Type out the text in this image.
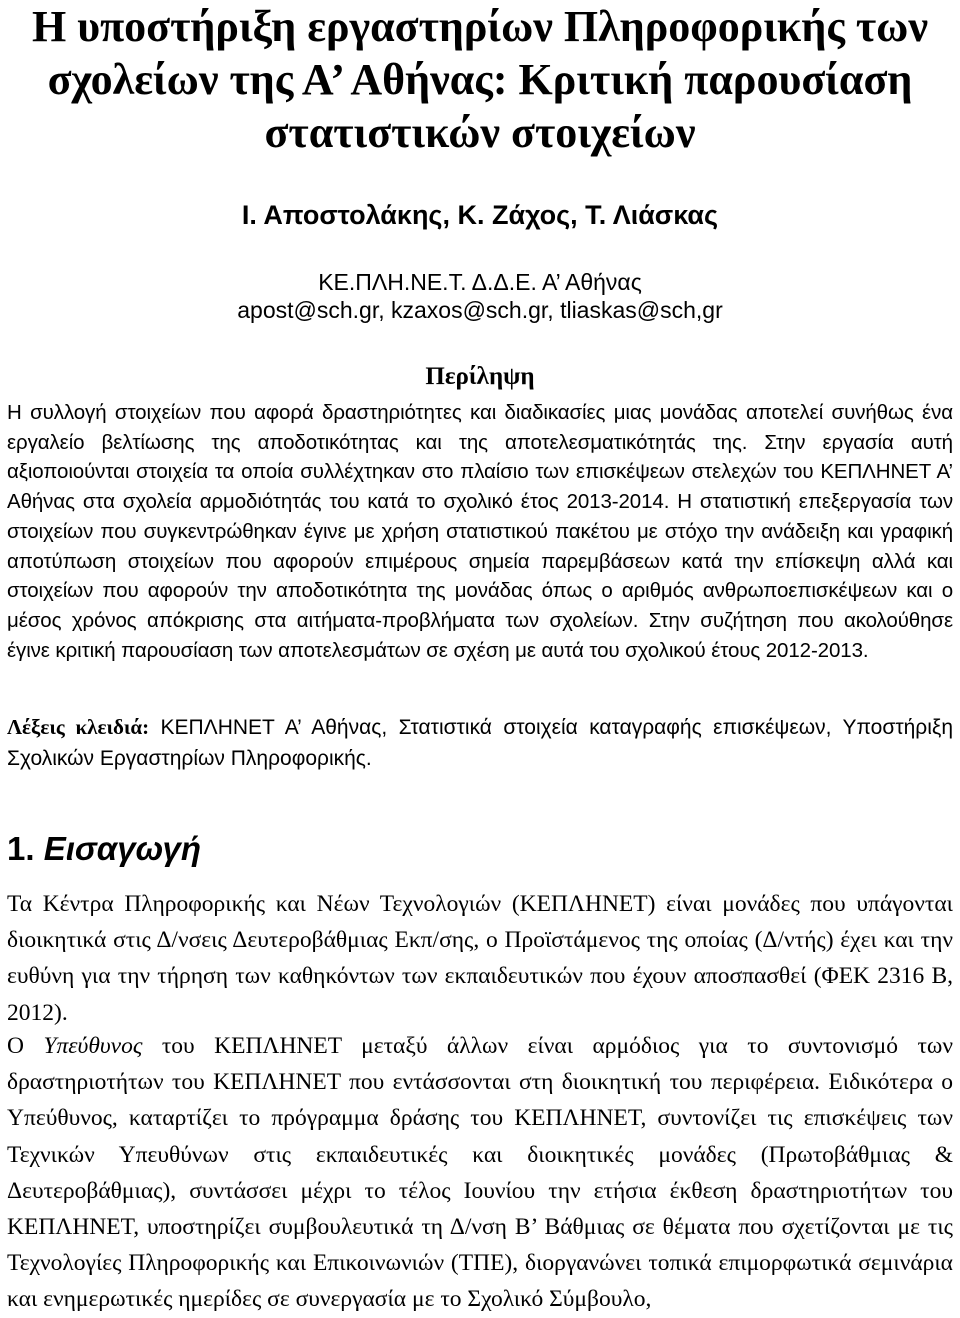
Η υποστήριξη εργαστηρίων Πληροφορικής των σχολείων της Α’ Αθήνας: Κριτική παρουσίαση στατιστικών στοιχείων

Ι. Αποστολάκης, Κ. Ζάχος, Τ. Λιάσκας

ΚΕ.ΠΛΗ.ΝΕ.Τ. Δ.Δ.Ε. Α’ Αθήνας
apost@sch.gr, kzaxos@sch.gr, tliaskas@sch,gr

Περίληψη

Η συλλογή στοιχείων που αφορά δραστηριότητες και διαδικασίες μιας μονάδας αποτελεί συνήθως ένα εργαλείο βελτίωσης της αποδοτικότητας και της αποτελεσματικότητάς της. Στην εργασία αυτή αξιοποιούνται στοιχεία τα οποία συλλέχτηκαν στο πλαίσιο των επισκέψεων στελεχών του ΚΕΠΛΗΝΕΤ Α’ Αθήνας στα σχολεία αρμοδιότητάς του κατά το σχολικό έτος 2013-2014. Η στατιστική επεξεργασία των στοιχείων που συγκεντρώθηκαν έγινε με χρήση στατιστικού πακέτου με στόχο την ανάδειξη και γραφική αποτύπωση στοιχείων που αφορούν επιμέρους σημεία παρεμβάσεων κατά την επίσκεψη αλλά και στοιχείων που αφορούν την αποδοτικότητα της μονάδας όπως ο αριθμός ανθρωποεπισκέψεων και ο μέσος χρόνος απόκρισης στα αιτήματα-προβλήματα των σχολείων. Στην συζήτηση που ακολούθησε έγινε κριτική παρουσίαση των αποτελεσμάτων σε σχέση με αυτά του σχολικού έτους 2012-2013.

Λέξεις κλειδιά: ΚΕΠΛΗΝΕΤ Α’ Αθήνας, Στατιστικά στοιχεία καταγραφής επισκέψεων, Υποστήριξη Σχολικών Εργαστηρίων Πληροφορικής.

1. Εισαγωγή

Τα Κέντρα Πληροφορικής και Νέων Τεχνολογιών (ΚΕΠΛΗΝΕΤ) είναι μονάδες που υπάγονται διοικητικά στις Δ/νσεις Δευτεροβάθμιας Εκπ/σης, ο Προϊστάμενος της οποίας (Δ/ντής) έχει και την ευθύνη για την τήρηση των καθηκόντων των εκπαιδευτικών που έχουν αποσπασθεί (ΦΕΚ 2316 Β, 2012).

Ο Υπεύθυνος του ΚΕΠΛΗΝΕΤ μεταξύ άλλων είναι αρμόδιος για το συντονισμό των δραστηριοτήτων του ΚΕΠΛΗΝΕΤ που εντάσσονται στη διοικητική του περιφέρεια. Ειδικότερα ο Υπεύθυνος, καταρτίζει το πρόγραμμα δράσης του ΚΕΠΛΗΝΕΤ, συντονίζει τις επισκέψεις των Τεχνικών Υπευθύνων στις εκπαιδευτικές και διοικητικές μονάδες (Πρωτοβάθμιας & Δευτεροβάθμιας), συντάσσει μέχρι το τέλος Ιουνίου την ετήσια έκθεση δραστηριοτήτων του ΚΕΠΛΗΝΕΤ, υποστηρίζει συμβουλευτικά τη Δ/νση Β’ Βάθμιας σε θέματα που σχετίζονται με τις Τεχνολογίες Πληροφορικής και Επικοινωνιών (ΤΠΕ), διοργανώνει τοπικά επιμορφωτικά σεμινάρια και ενημερωτικές ημερίδες σε συνεργασία με το Σχολικό Σύμβουλο,
